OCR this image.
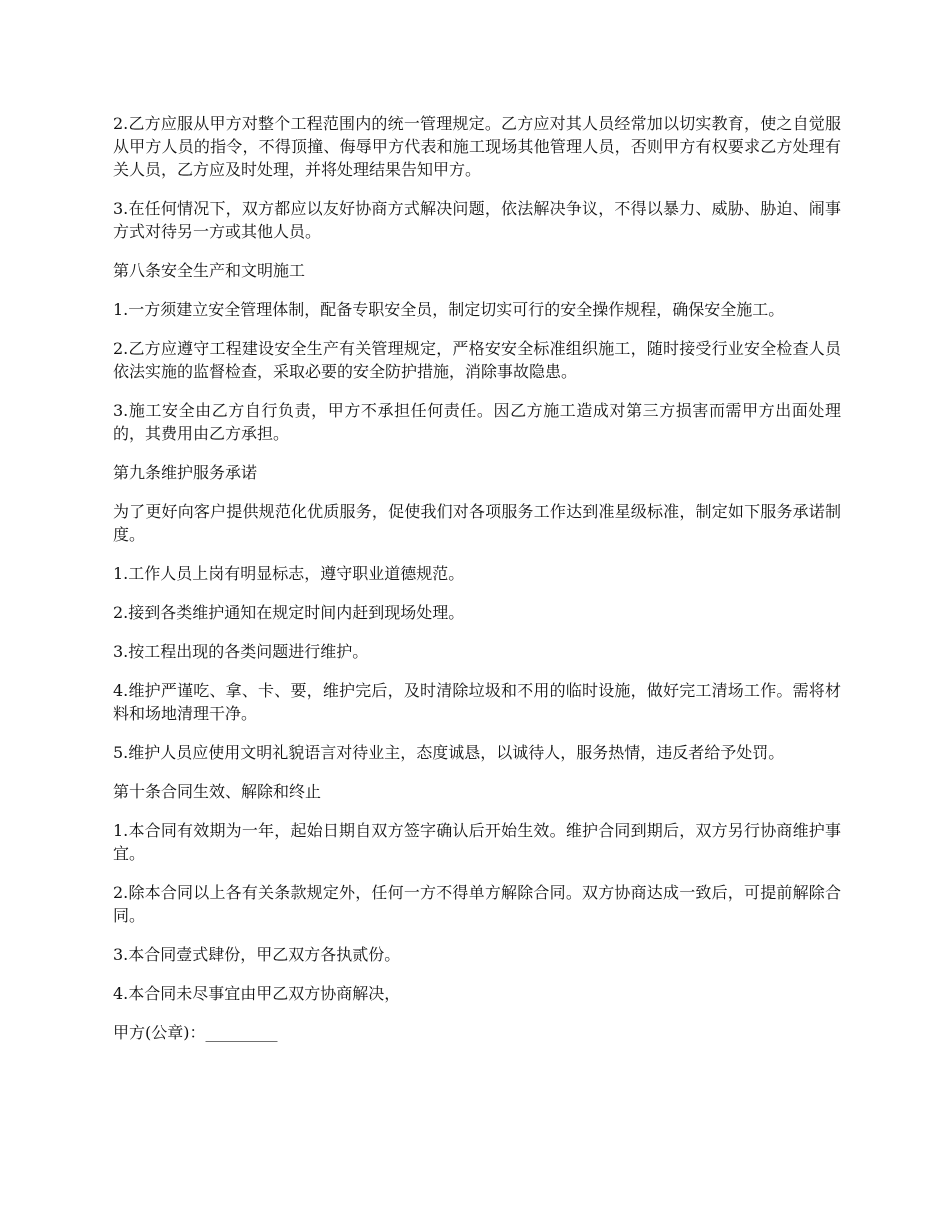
2.乙方应服从甲方对整个工程范围内的统一管理规定。乙方应对其人员经常加以切实教育，使之自觉服从甲方人员的指令，不得顶撞、侮辱甲方代表和施工现场其他管理人员，否则甲方有权要求乙方处理有关人员，乙方应及时处理，并将处理结果告知甲方。

3.在任何情况下，双方都应以友好协商方式解决问题，依法解决争议，不得以暴力、威胁、胁迫、闹事方式对待另一方或其他人员。

第八条安全生产和文明施工

1.一方须建立安全管理体制，配备专职安全员，制定切实可行的安全操作规程，确保安全施工。

2.乙方应遵守工程建设安全生产有关管理规定，严格安安全标准组织施工，随时接受行业安全检查人员依法实施的监督检查，采取必要的安全防护措施，消除事故隐患。

3.施工安全由乙方自行负责，甲方不承担任何责任。因乙方施工造成对第三方损害而需甲方出面处理的，其费用由乙方承担。

第九条维护服务承诺

为了更好向客户提供规范化优质服务，促使我们对各项服务工作达到准星级标准，制定如下服务承诺制度。

1.工作人员上岗有明显标志，遵守职业道德规范。

2.接到各类维护通知在规定时间内赶到现场处理。

3.按工程出现的各类问题进行维护。

4.维护严谨吃、拿、卡、要，维护完后，及时清除垃圾和不用的临时设施，做好完工清场工作。需将材料和场地清理干净。

5.维护人员应使用文明礼貌语言对待业主，态度诚恳，以诚待人，服务热情，违反者给予处罚。

第十条合同生效、解除和终止

1.本合同有效期为一年，起始日期自双方签字确认后开始生效。维护合同到期后，双方另行协商维护事宜。

2.除本合同以上各有关条款规定外，任何一方不得单方解除合同。双方协商达成一致后，可提前解除合同。

3.本合同壹式肆份，甲乙双方各执贰份。

4.本合同未尽事宜由甲乙双方协商解决，

甲方(公章)：_________
